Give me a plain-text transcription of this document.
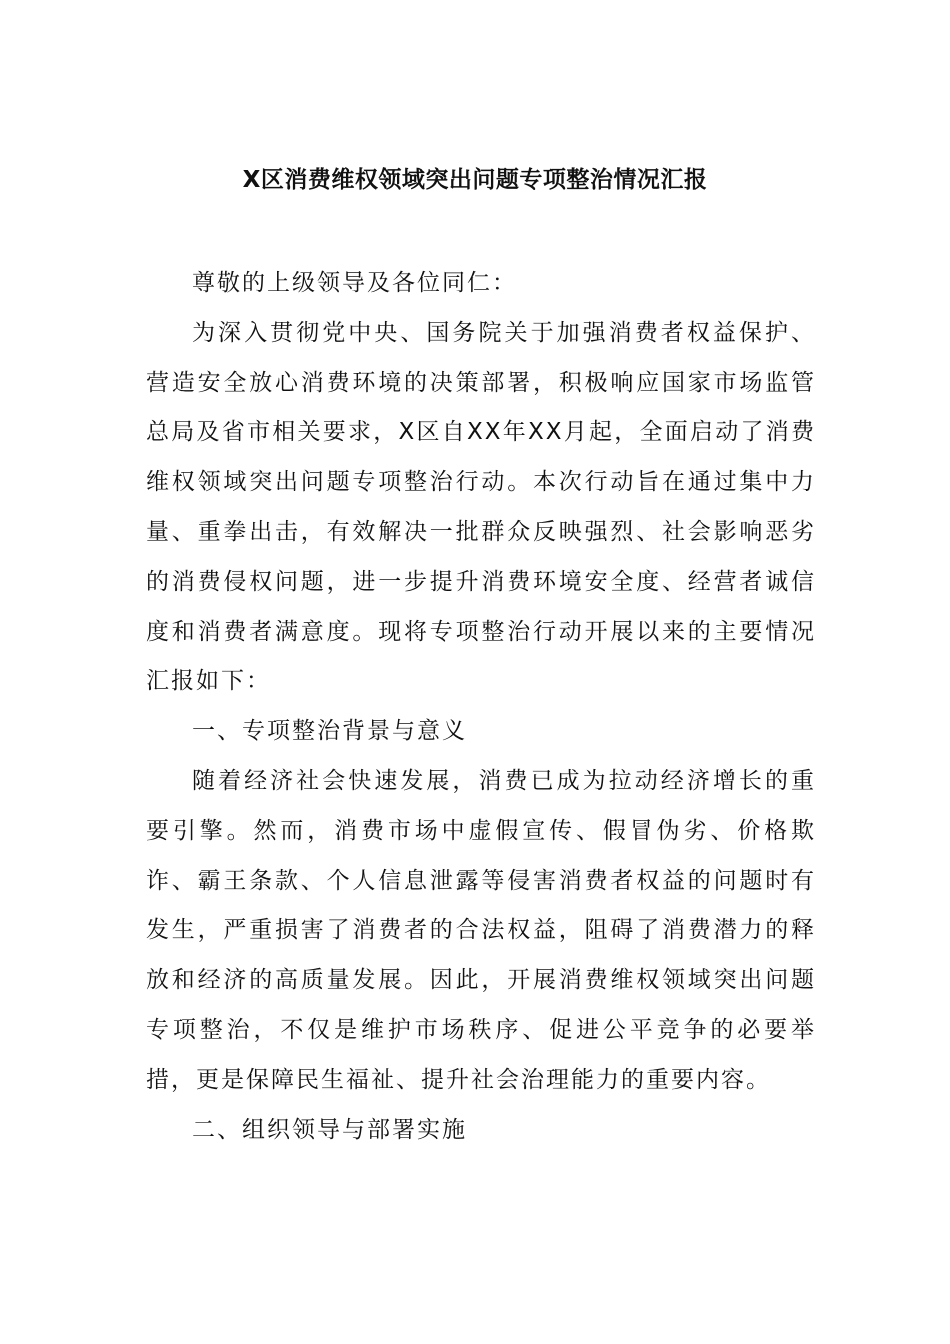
X区消费维权领域突出问题专项整治情况汇报

尊敬的上级领导及各位同仁：

为深入贯彻党中央、国务院关于加强消费者权益保护、营造安全放心消费环境的决策部署，积极响应国家市场监管总局及省市相关要求，X区自XX年XX月起，全面启动了消费维权领域突出问题专项整治行动。本次行动旨在通过集中力量、重拳出击，有效解决一批群众反映强烈、社会影响恶劣的消费侵权问题，进一步提升消费环境安全度、经营者诚信度和消费者满意度。现将专项整治行动开展以来的主要情况汇报如下：

一、专项整治背景与意义

随着经济社会快速发展，消费已成为拉动经济增长的重要引擎。然而，消费市场中虚假宣传、假冒伪劣、价格欺诈、霸王条款、个人信息泄露等侵害消费者权益的问题时有发生，严重损害了消费者的合法权益，阻碍了消费潜力的释放和经济的高质量发展。因此，开展消费维权领域突出问题专项整治，不仅是维护市场秩序、促进公平竞争的必要举措，更是保障民生福祉、提升社会治理能力的重要内容。

二、组织领导与部署实施
